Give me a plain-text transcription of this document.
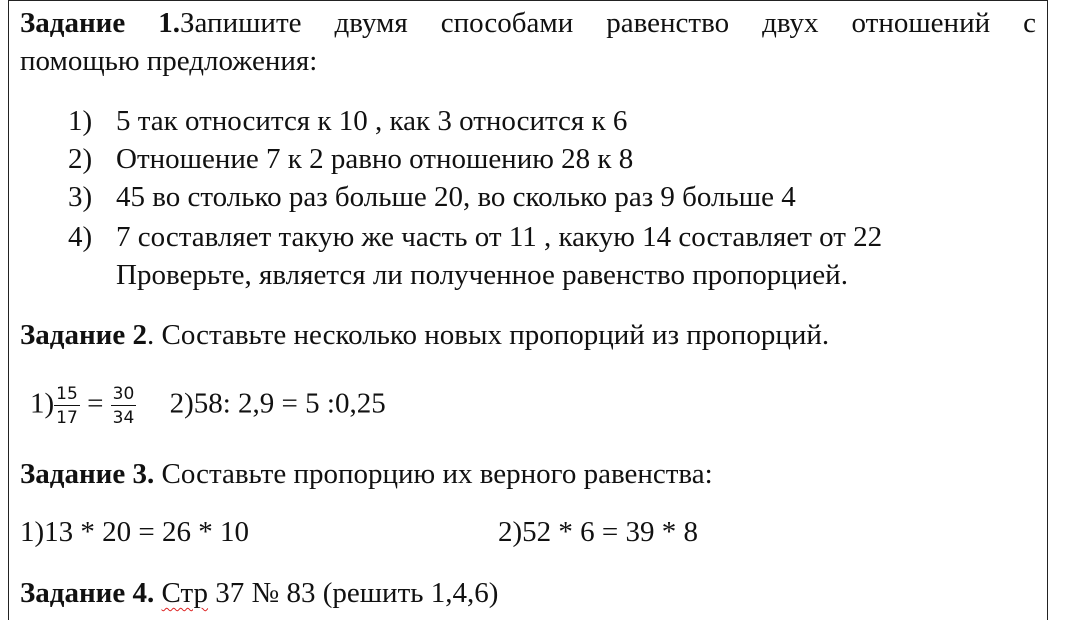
Задание 1.Запишите двумя способами равенство двух отношений с
помощью предложения:
1) 5 так относится к 10 , как 3 относится к 6
2) Отношение 7 к 2 равно отношению 28 к 8
3) 45 во столько раз больше 20, во сколько раз 9 больше 4
4) 7 составляет такую же часть от 11 , какую 14 составляет от 22
Проверьте, является ли полученное равенство пропорцией.
Задание 2. Составьте несколько новых пропорций из пропорций.
$1) \frac{15}{17} = \frac{30}{34} 2)58$: 2,9 = 5 :0,25
Задание 3. Составьте пропорцию их верного равенства:
1)13 * 20 = 26 * 10	2)52 * 6 = 39 * 8
Задание 4. Стр 37 № 83 (решить 1,4,6)
